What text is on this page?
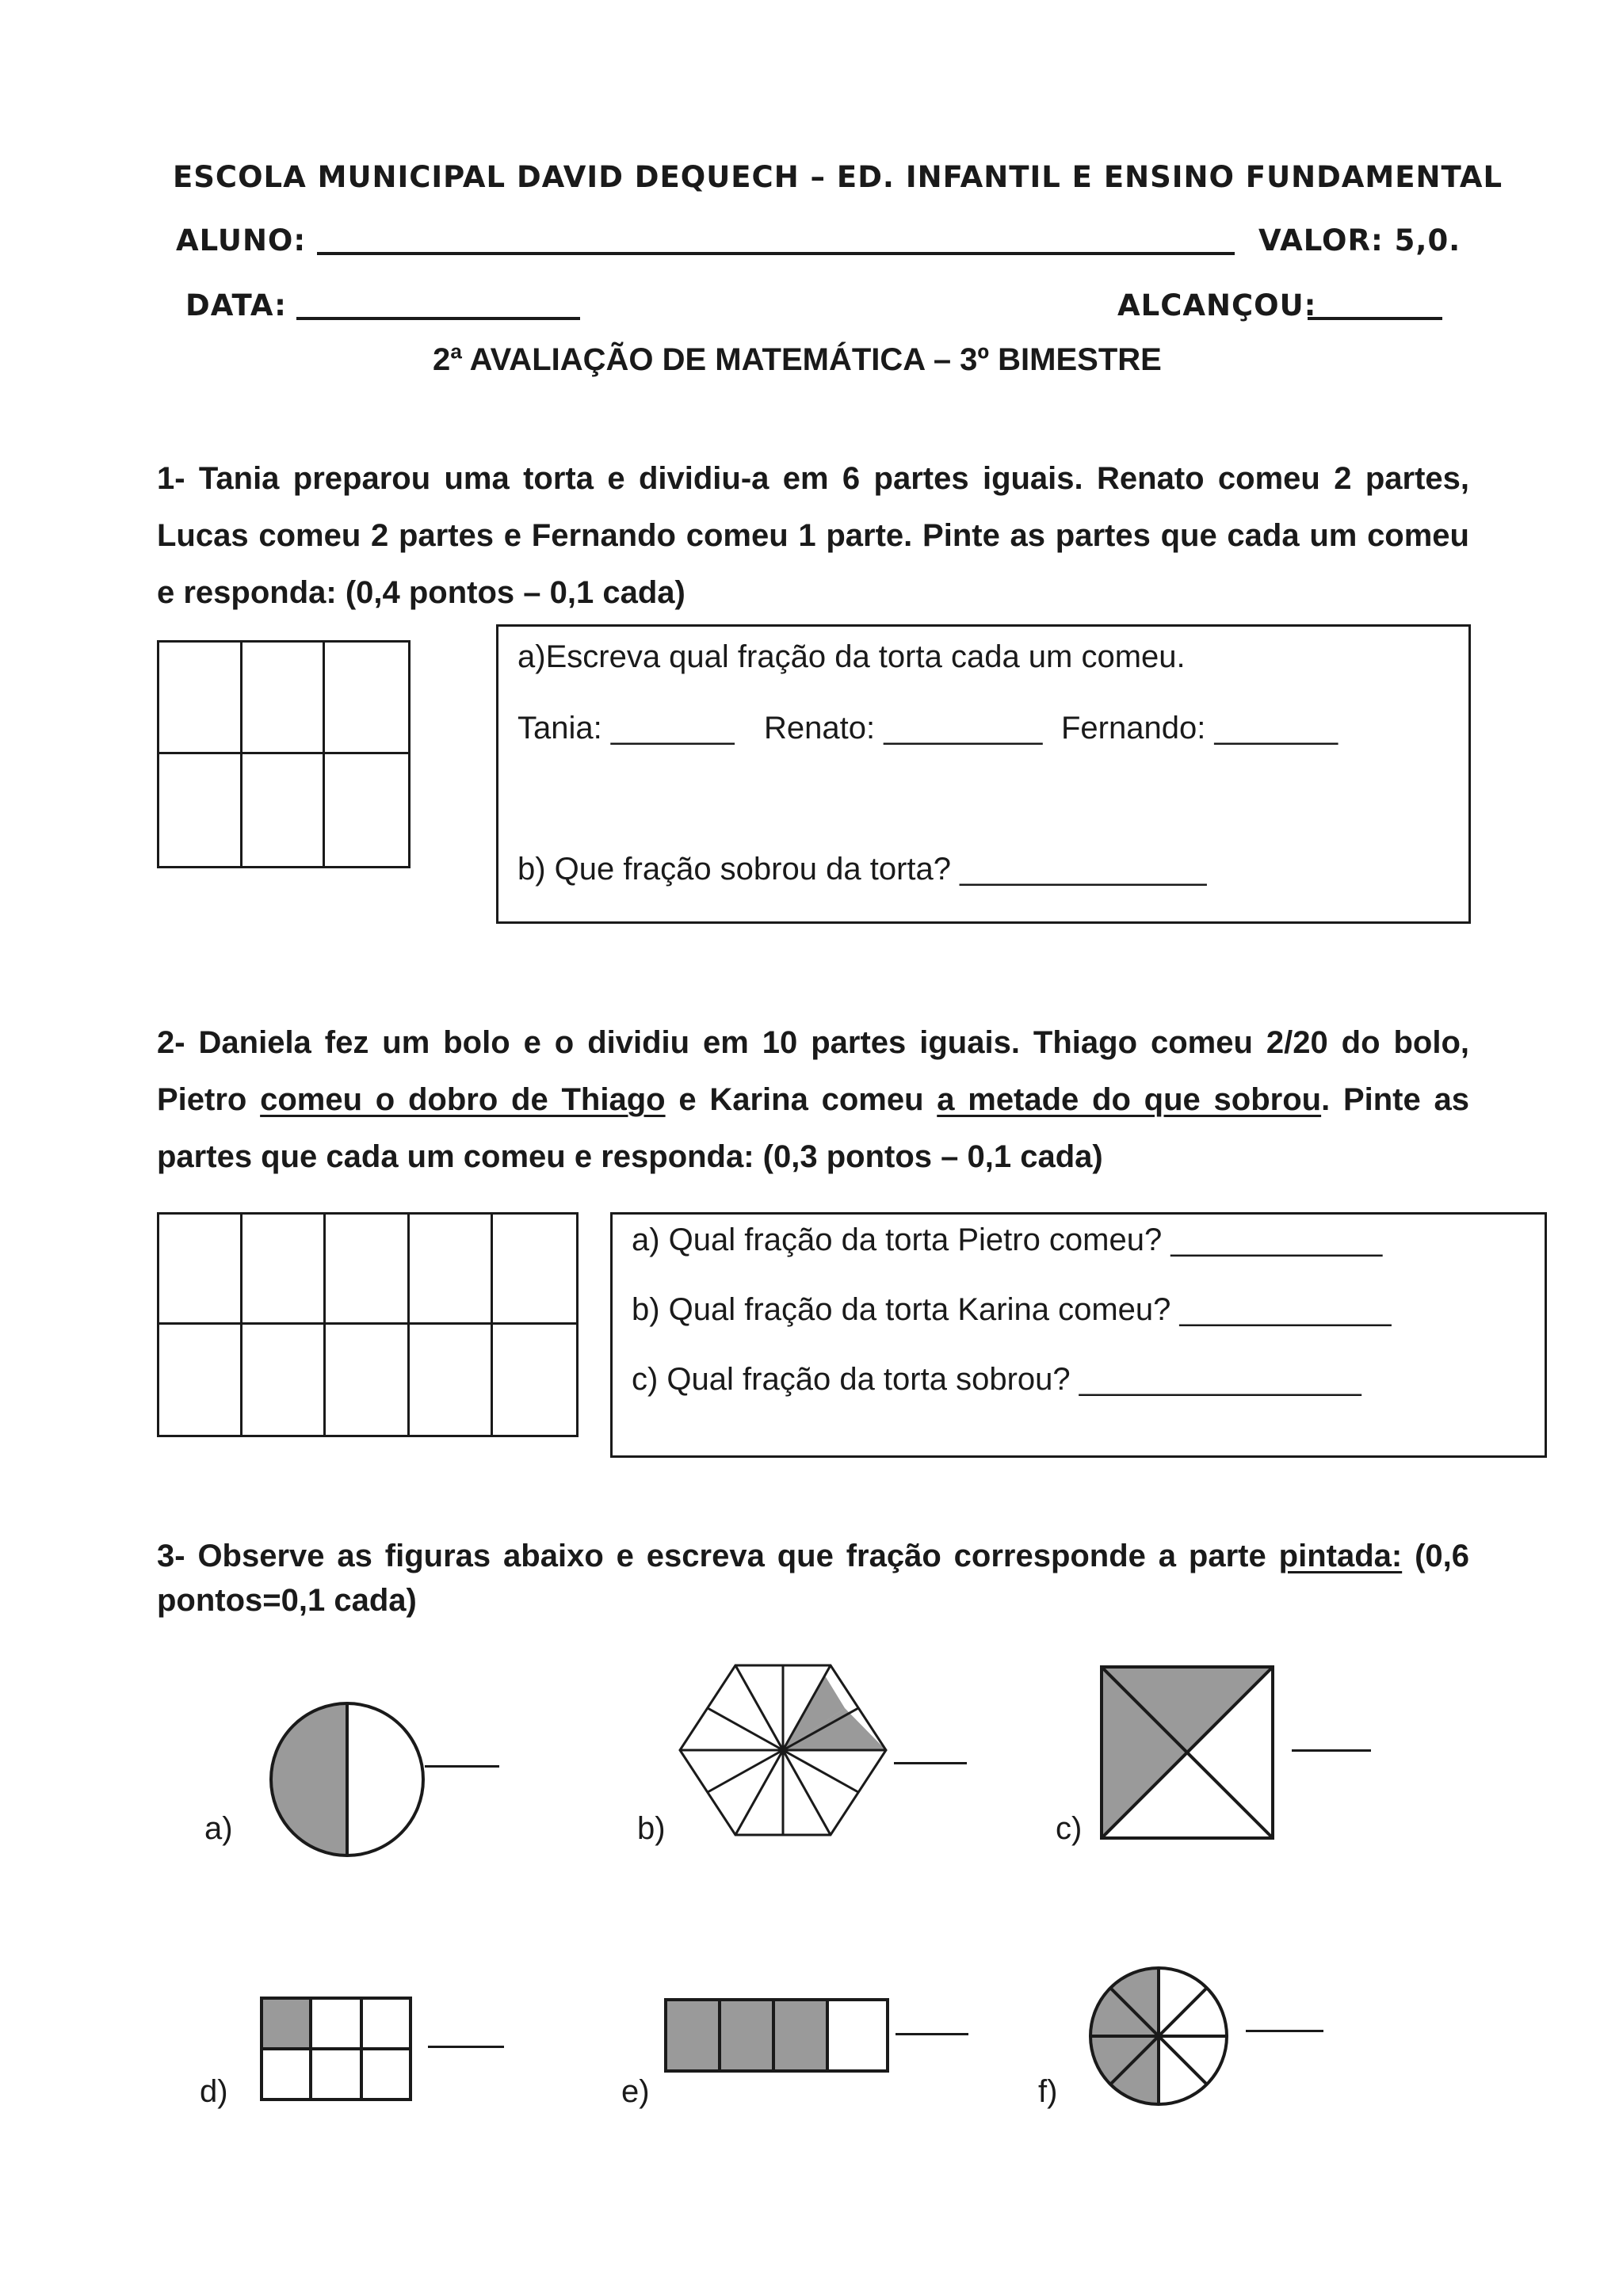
ESCOLA MUNICIPAL DAVID DEQUECH – ED. INFANTIL E ENSINO FUNDAMENTAL
ALUNO:	VALOR: 5,0.
DATA:	ALCANÇOU:
2ª AVALIAÇÃO DE MATEMÁTICA – 3º BIMESTRE
1- Tania preparou uma torta e dividiu-a em 6 partes iguais. Renato comeu 2 partes, Lucas comeu 2 partes e Fernando comeu 1 parte. Pinte as partes que cada um comeu e responda: (0,4 pontos – 0,1 cada)
a)Escreva qual fração da torta cada um comeu.
Tania: _______ Renato: _________ Fernando: _______
b) Que fração sobrou da torta? ______________
2- Daniela fez um bolo e o dividiu em 10 partes iguais. Thiago comeu 2/20 do bolo, Pietro comeu o dobro de Thiago e Karina comeu a metade do que sobrou. Pinte as partes que cada um comeu e responda: (0,3 pontos – 0,1 cada)
a) Qual fração da torta Pietro comeu? ____________
b) Qual fração da torta Karina comeu? ____________
c) Qual fração da torta sobrou? ________________
3- Observe as figuras abaixo e escreva que fração corresponde a parte pintada: (0,6 pontos=0,1 cada)
a)	b)	c)
d)	e)	f)
